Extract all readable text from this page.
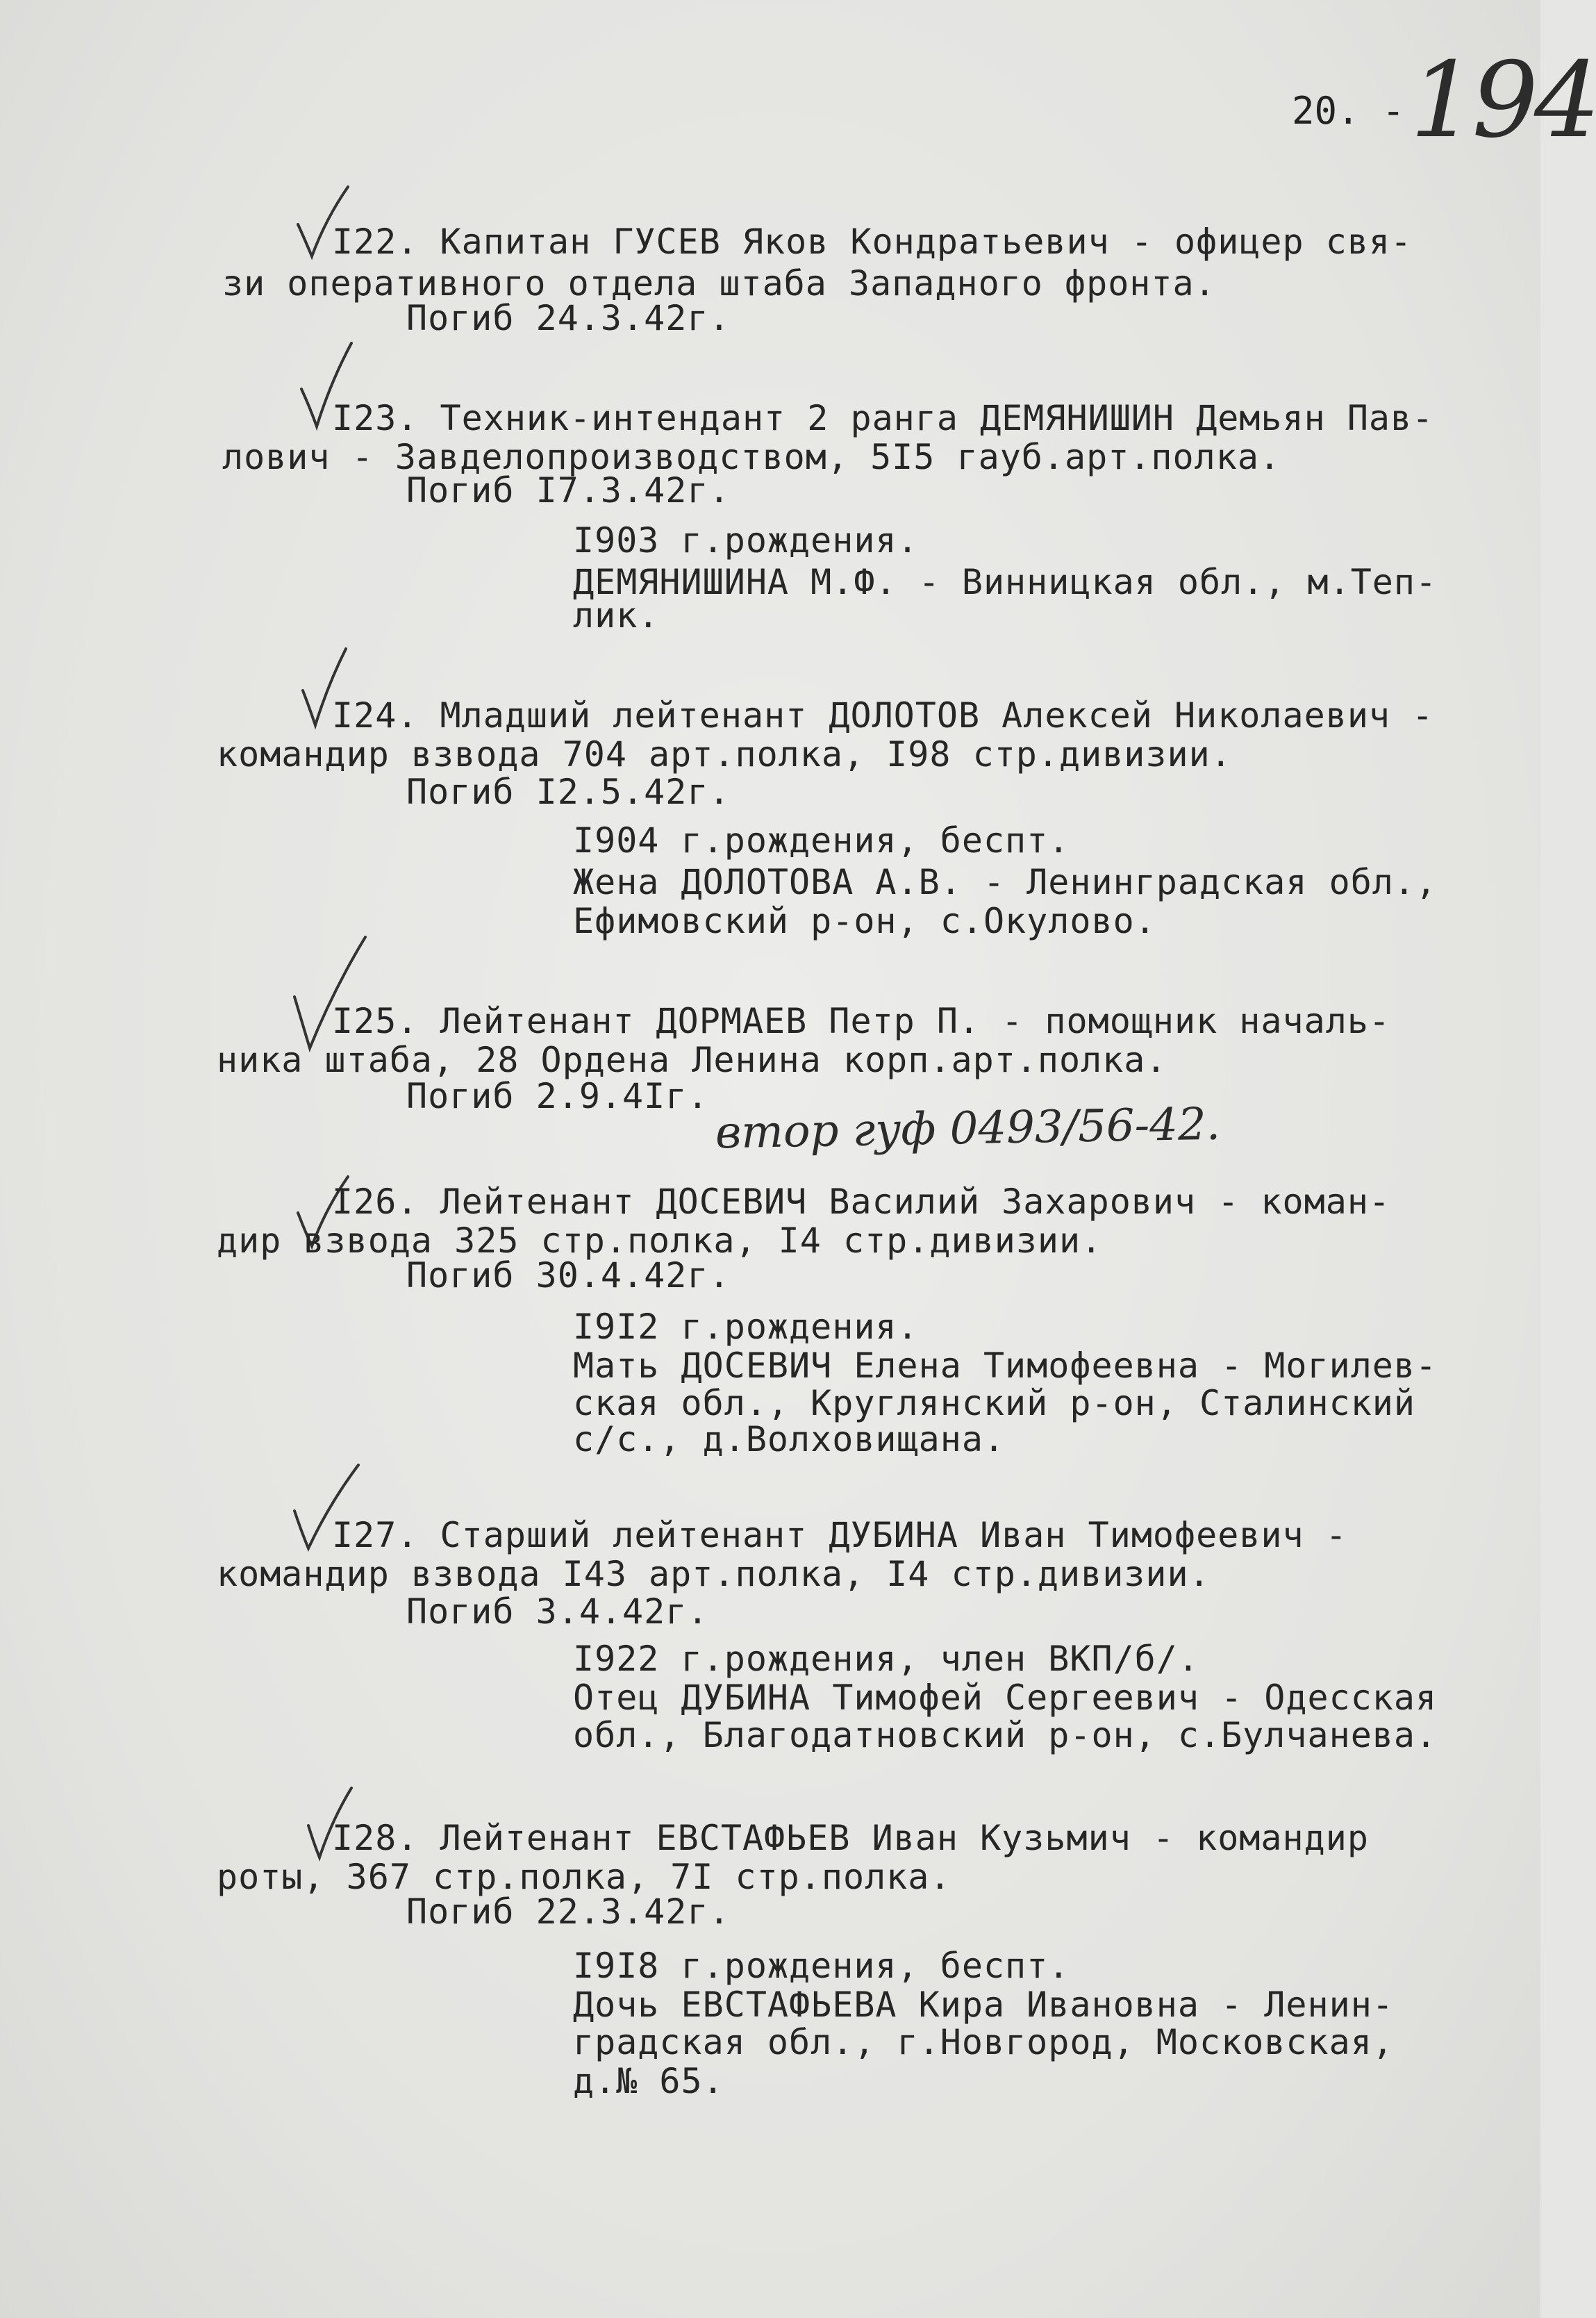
20. - 194
I22. Капитан ГУСЕВ Яков Кондратьевич - офицер свя-
зи оперативного отдела штаба Западного фронта.
Погиб 24.3.42г.
I23. Техник-интендант 2 ранга ДЕМЯНИШИН Демьян Пав-
лович - Завделопроизводством, 5I5 гауб.арт.полка.
Погиб I7.3.42г.
I903 г.рождения.
ДЕМЯНИШИНА М.Ф. - Винницкая обл., м.Теп-
лик.
I24. Младший лейтенант ДОЛОТОВ Алексей Николаевич -
командир взвода 704 арт.полка, I98 стр.дивизии.
Погиб I2.5.42г.
I904 г.рождения, беспт.
Жена ДОЛОТОВА А.В. - Ленинградская обл.,
Ефимовский р-он, с.Окулово.
I25. Лейтенант ДОРМАЕВ Петр П. - помощник началь-
ника штаба, 28 Ордена Ленина корп.арт.полка.
Погиб 2.9.4Iг.
втор гуф 0493/56-42.
I26. Лейтенант ДОСЕВИЧ Василий Захарович - коман-
дир взвода 325 стр.полка, I4 стр.дивизии.
Погиб 30.4.42г.
I9I2 г.рождения.
Мать ДОСЕВИЧ Елена Тимофеевна - Могилев-
ская обл., Круглянский р-он, Сталинский
с/с., д.Волховищана.
I27. Старший лейтенант ДУБИНА Иван Тимофеевич -
командир взвода I43 арт.полка, I4 стр.дивизии.
Погиб 3.4.42г.
I922 г.рождения, член ВКП/б/.
Отец ДУБИНА Тимофей Сергеевич - Одесская
обл., Благодатновский р-он, с.Булчанева.
I28. Лейтенант ЕВСТАФЬЕВ Иван Кузьмич - командир
роты, 367 стр.полка, 7I стр.полка.
Погиб 22.3.42г.
I9I8 г.рождения, беспт.
Дочь ЕВСТАФЬЕВА Кира Ивановна - Ленин-
градская обл., г.Новгород, Московская,
д.№ 65.
